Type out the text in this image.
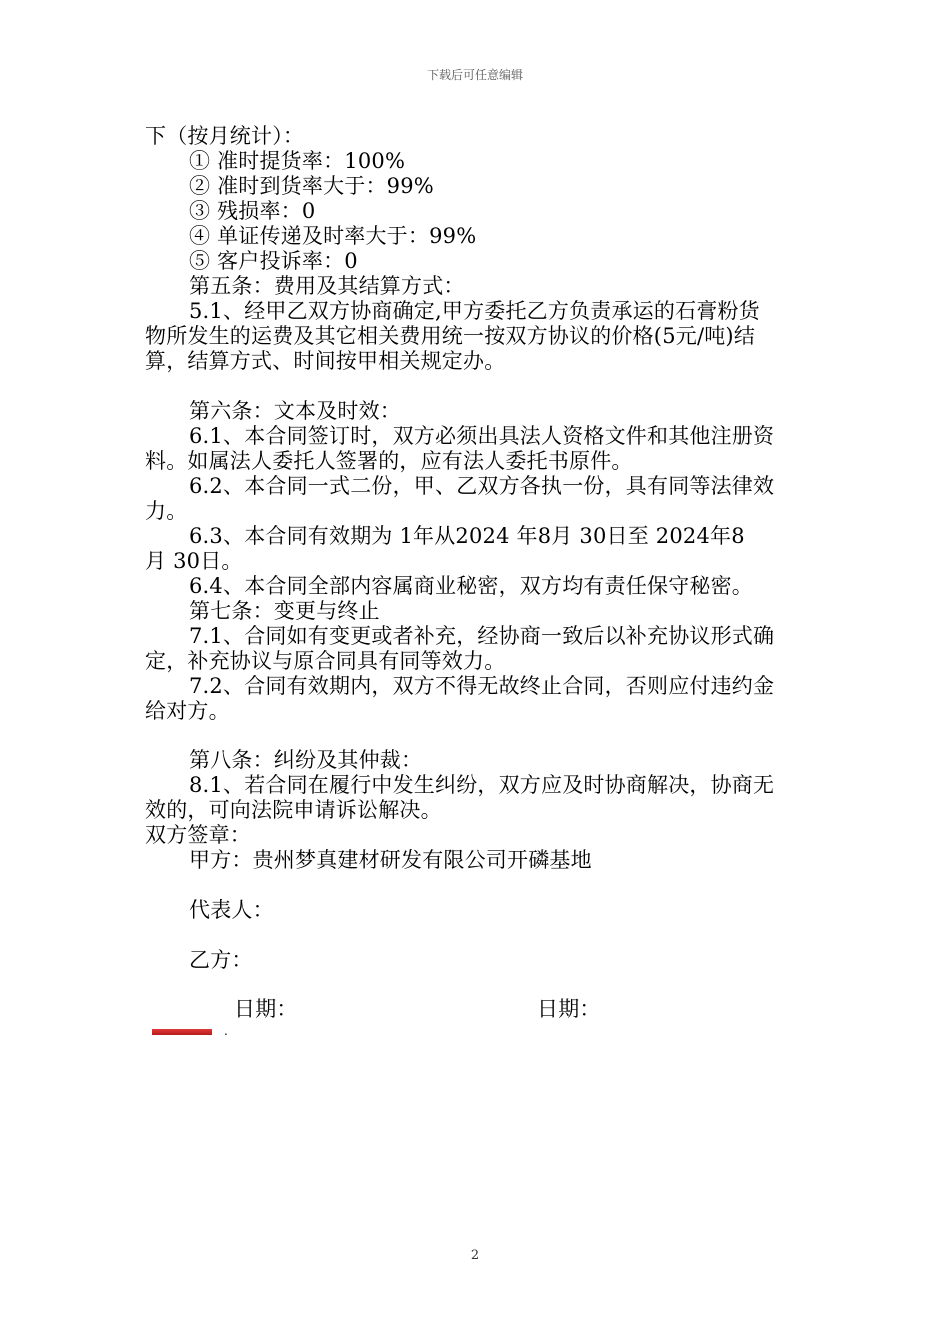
下载后可任意编辑
下（按月统计）：
① 准时提货率：100%
② 准时到货率大于：99%
③ 残损率：0
④ 单证传递及时率大于：99%
⑤ 客户投诉率：0
第五条：费用及其结算方式：
5.1、经甲乙双方协商确定,甲方委托乙方负责承运的石膏粉货
物所发生的运费及其它相关费用统一按双方协议的价格(5元/吨)结
算，结算方式、时间按甲相关规定办。
第六条：文本及时效：
6.1、本合同签订时，双方必须出具法人资格文件和其他注册资
料。如属法人委托人签署的，应有法人委托书原件。
6.2、本合同一式二份，甲、乙双方各执一份，具有同等法律效
力。
6.3、本合同有效期为 1年从2024 年8月 30日至 2024年8
月 30日。
6.4、本合同全部内容属商业秘密，双方均有责任保守秘密。
第七条：变更与终止
7.1、合同如有变更或者补充，经协商一致后以补充协议形式确
定，补充协议与原合同具有同等效力。
7.2、合同有效期内，双方不得无故终止合同，否则应付违约金
给对方。
第八条：纠纷及其仲裁：
8.1、若合同在履行中发生纠纷，双方应及时协商解决，协商无
效的，可向法院申请诉讼解决。
双方签章：
甲方：贵州梦真建材研发有限公司开磷基地
代表人：
乙方：
日期：	日期：
.
2
